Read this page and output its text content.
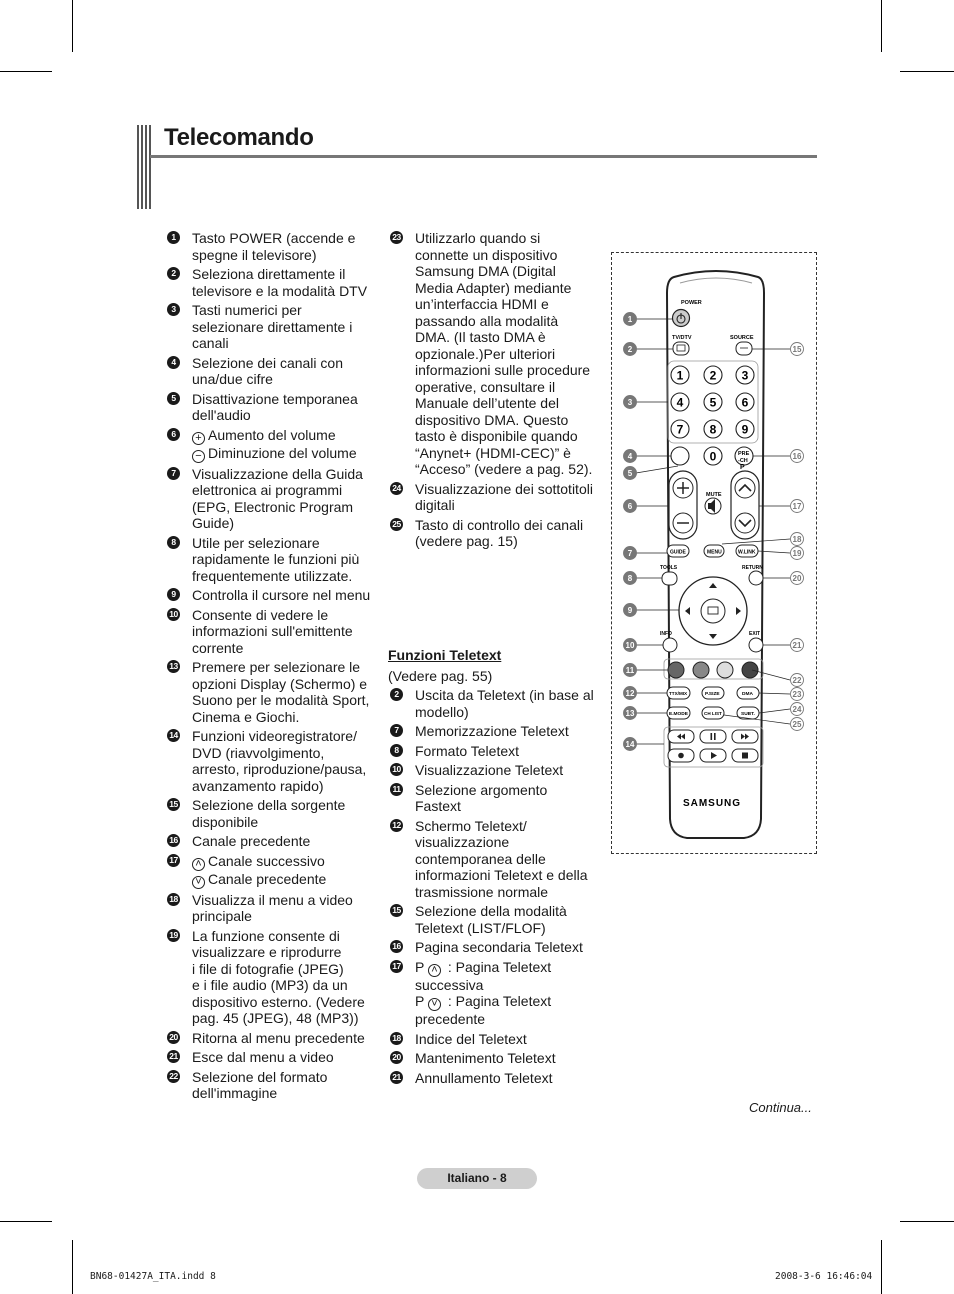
Telecomando
1	Tasto POWER (accende e
spegne il televisore)
2	Seleziona direttamente il
televisore e la modalità DTV
3	Tasti numerici per
selezionare direttamente i
canali
4	Selezione dei canali con
una/due cifre
5	Disattivazione temporanea
dell'audio
6	+ Aumento del volume
− Diminuzione del volume
7	Visualizzazione della Guida
elettronica ai programmi
(EPG, Electronic Program
Guide)
8	Utile per selezionare
rapidamente le funzioni più
frequentemente utilizzate.
9	Controlla il cursore nel menu
10 Consente di vedere le
informazioni sull'emittente
corrente
13 Premere per selezionare le
opzioni Display (Schermo) e
Suono per le modalità Sport,
Cinema e Giochi.
14 Funzioni videoregistratore/
DVD (riavvolgimento,
arresto, riproduzione/pausa,
avanzamento rapido)
15 Selezione della sorgente
disponibile
16 Canale precedente
17 ˄ Canale successivo
˅ Canale precedente
18 Visualizza il menu a video
principale
19 La funzione consente di
visualizzare e riprodurre
i file di fotografie (JPEG)
e i file audio (MP3) da un
dispositivo esterno. (Vedere
pag. 45 (JPEG), 48 (MP3))
20 Ritorna al menu precedente
21 Esce dal menu a video
22 Selezione del formato
dell'immagine
23 Utilizzarlo quando si
connette un dispositivo
Samsung DMA (Digital
Media Adapter) mediante
un’interfaccia HDMI e
passando alla modalità
DMA. (Il tasto DMA è
opzionale.)Per ulteriori
informazioni sulle procedure
operative, consultare il
Manuale dell’utente del
dispositivo DMA. Questo
tasto è disponibile quando
“Anynet+ (HDMI-CEC)” è
“Acceso” (vedere a pag. 52).
24 Visualizzazione dei sottotitoli
digitali
25 Tasto di controllo dei canali
(vedere pag. 15)
Funzioni Teletext
(Vedere pag. 55)
2	Uscita da Teletext (in base al
modello)
7	Memorizzazione Teletext
8	Formato Teletext
10 Visualizzazione Teletext
11 Selezione argomento
Fastext
12 Schermo Teletext/
visualizzazione
contemporanea delle
informazioni Teletext e della
trasmissione normale
15 Selezione della modalità
Teletext (LIST/FLOF)
16 Pagina secondaria Teletext
17 P ˄ : Pagina Teletext
successiva
P ˅ : Pagina Teletext
precedente
18 Indice del Teletext
20 Mantenimento Teletext
21 Annullamento Teletext
POWER
TV/DTV	SOURCE
1 2 3
4 5 6
7 8 9
0	PRE
-CH
MUTE
P
GUIDE	MENU	W.LINK
TOOLS	RETURN
INFO	EXIT
TTX/MIX	P.SIZE	DMA
E.MODE	CH LIST	SUBT.
SAMSUNG
1
2
3
4
5
6
7
8
9
10
11
12
13
14
15
16
17
18
19
20
21
22
23
24
25
Continua...
Italiano - 8
BN68-01427A_ITA.indd 8	2008-3-6 16:46:04
